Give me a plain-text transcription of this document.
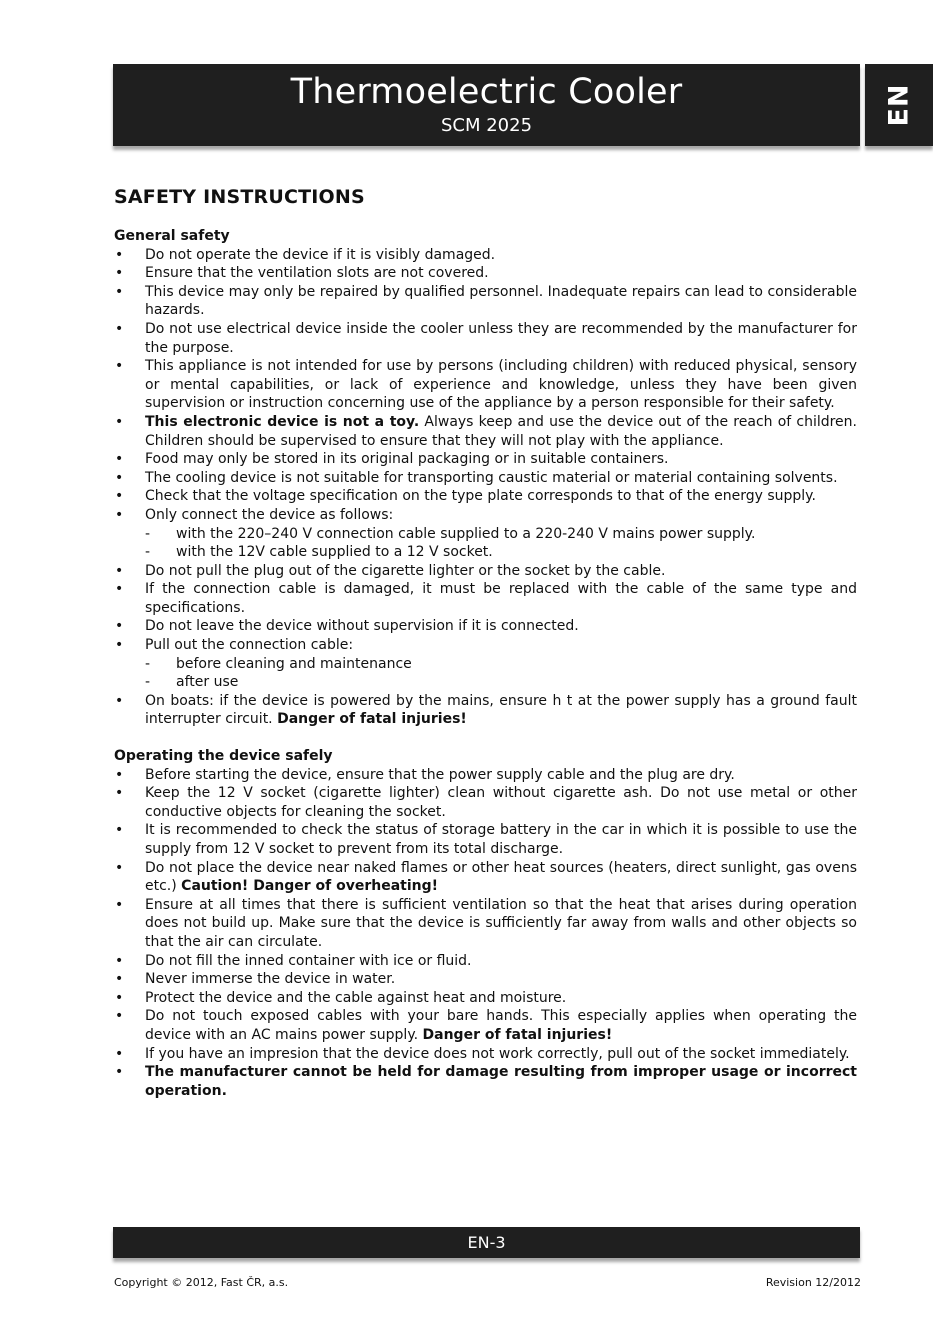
Thermoelectric Cooler
SCM 2025	EN
SAFETY INSTRUCTIONS

General safety

• Do not operate the device if it is visibly damaged.
• Ensure that the ventilation slots are not covered.
• This device may only be repaired by qualified personnel. Inadequate repairs can lead to considerable hazards.
• Do not use electrical device inside the cooler unless they are recommended by the manufacturer for the purpose.
• This appliance is not intended for use by persons (including children) with reduced physical, sensory or mental capabilities, or lack of experience and knowledge, unless they have been given supervision or instruction concerning use of the appliance by a person responsible for their safety.
• This electronic device is not a toy. Always keep and use the device out of the reach of children. Children should be supervised to ensure that they will not play with the appliance.
• Food may only be stored in its original packaging or in suitable containers.
• The cooling device is not suitable for transporting caustic material or material containing solvents.
• Check that the voltage specification on the type plate corresponds to that of the energy supply.
• Only connect the device as follows:
- with the 220–240 V connection cable supplied to a 220-240 V mains power supply.
- with the 12V cable supplied to a 12 V socket.
• Do not pull the plug out of the cigarette lighter or the socket by the cable.
• If the connection cable is damaged, it must be replaced with the cable of the same type and specifications.
• Do not leave the device without supervision if it is connected.
• Pull out the connection cable:
- before cleaning and maintenance
- after use
• On boats: if the device is powered by the mains, ensure h t at the power supply has a ground fault interrupter circuit. Danger of fatal injuries!

Operating the device safely

• Before starting the device, ensure that the power supply cable and the plug are dry.
• Keep the 12 V socket (cigarette lighter) clean without cigarette ash. Do not use metal or other conductive objects for cleaning the socket.
• It is recommended to check the status of storage battery in the car in which it is possible to use the supply from 12 V socket to prevent from its total discharge.
• Do not place the device near naked flames or other heat sources (heaters, direct sunlight, gas ovens etc.) Caution! Danger of overheating!
• Ensure at all times that there is sufficient ventilation so that the heat that arises during operation does not build up. Make sure that the device is sufficiently far away from walls and other objects so that the air can circulate.
• Do not fill the inned container with ice or fluid.
• Never immerse the device in water.
• Protect the device and the cable against heat and moisture.
• Do not touch exposed cables with your bare hands. This especially applies when operating the device with an AC mains power supply. Danger of fatal injuries!
• If you have an impresion that the device does not work correctly, pull out of the socket immediately.
• The manufacturer cannot be held for damage resulting from improper usage or incorrect operation.
EN-3
Copyright © 2012, Fast ČR, a.s.	Revision 12/2012
